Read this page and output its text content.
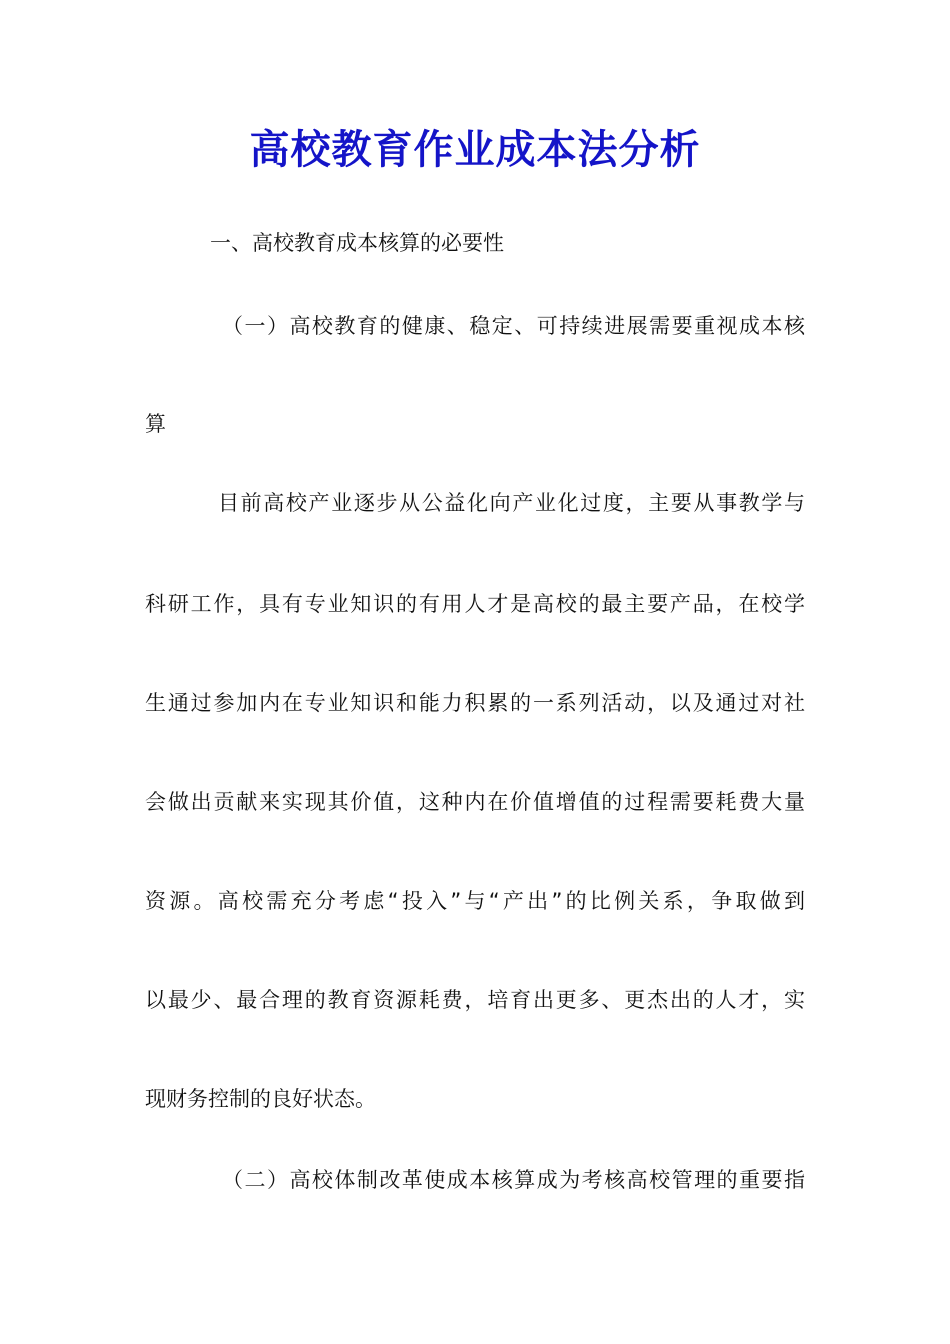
高校教育作业成本法分析
一、高校教育成本核算的必要性
（一）高校教育的健康、稳定、可持续进展需要重视成本核
算
目前高校产业逐步从公益化向产业化过度，主要从事教学与
科研工作，具有专业知识的有用人才是高校的最主要产品，在校学
生通过参加内在专业知识和能力积累的一系列活动，以及通过对社
会做出贡献来实现其价值，这种内在价值增值的过程需要耗费大量
资源。高校需充分考虑“投入”与“产出”的比例关系，争取做到
以最少、最合理的教育资源耗费，培育出更多、更杰出的人才，实
现财务控制的良好状态。
（二）高校体制改革使成本核算成为考核高校管理的重要指
